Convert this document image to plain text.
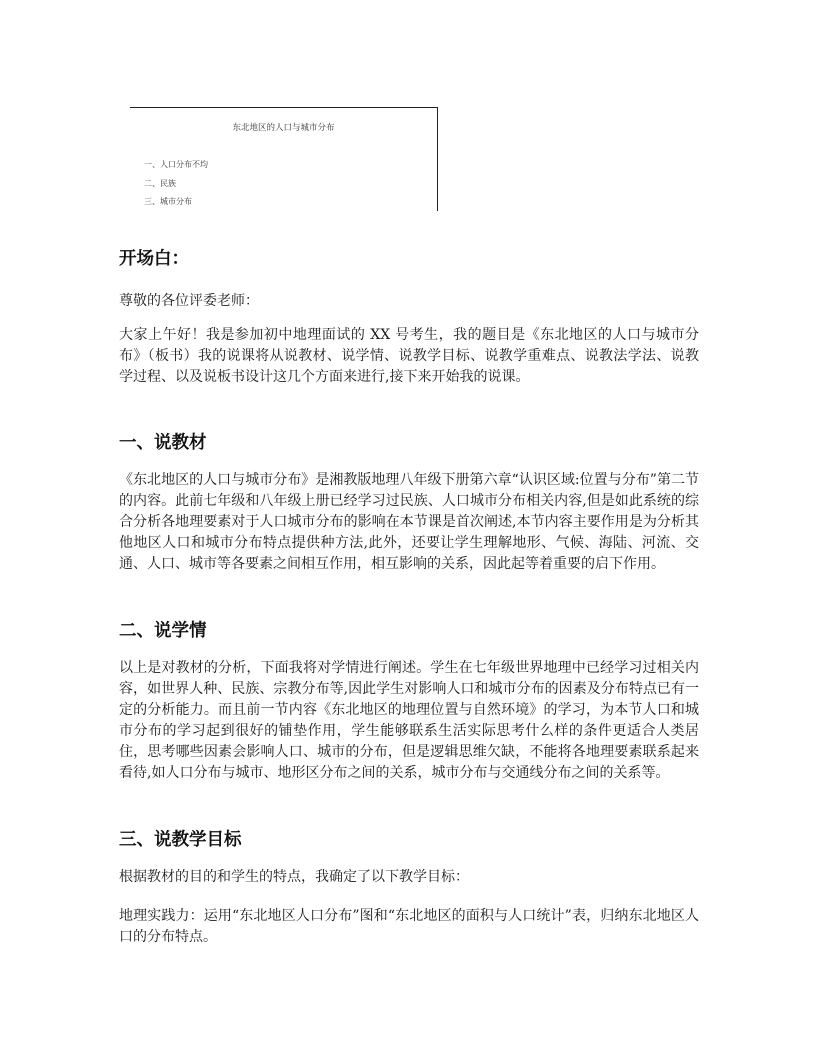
东北地区的人口与城市分布
一、人口分布不均
二、民族
三、城市分布
开场白：
尊敬的各位评委老师：
大家上午好！我是参加初中地理面试的 XX 号考生，我的题目是《东北地区的人口与城市分布》（板书）我的说课将从说教材、说学情、说教学目标、说教学重难点、说教法学法、说教学过程、以及说板书设计这几个方面来进行,接下来开始我的说课。
一、说教材
《东北地区的人口与城市分布》是湘教版地理八年级下册第六章“认识区域:位置与分布”第二节的内容。此前七年级和八年级上册已经学习过民族、人口城市分布相关内容,但是如此系统的综合分析各地理要素对于人口城市分布的影响在本节课是首次阐述,本节内容主要作用是为分析其他地区人口和城市分布特点提供种方法,此外，还要让学生理解地形、气候、海陆、河流、交通、人口、城市等各要素之间相互作用，相互影响的关系，因此起等着重要的启下作用。
二、说学情
以上是对教材的分析，下面我将对学情进行阐述。学生在七年级世界地理中已经学习过相关内容，如世界人种、民族、宗教分布等,因此学生对影响人口和城市分布的因素及分布特点已有一定的分析能力。而且前一节内容《东北地区的地理位置与自然环境》的学习，为本节人口和城市分布的学习起到很好的铺垫作用，学生能够联系生活实际思考什么样的条件更适合人类居住，思考哪些因素会影响人口、城市的分布，但是逻辑思维欠缺，不能将各地理要素联系起来看待,如人口分布与城市、地形区分布之间的关系，城市分布与交通线分布之间的关系等。
三、说教学目标
根据教材的目的和学生的特点，我确定了以下教学目标：
地理实践力：运用“东北地区人口分布”图和“东北地区的面积与人口统计”表，归纳东北地区人口的分布特点。
